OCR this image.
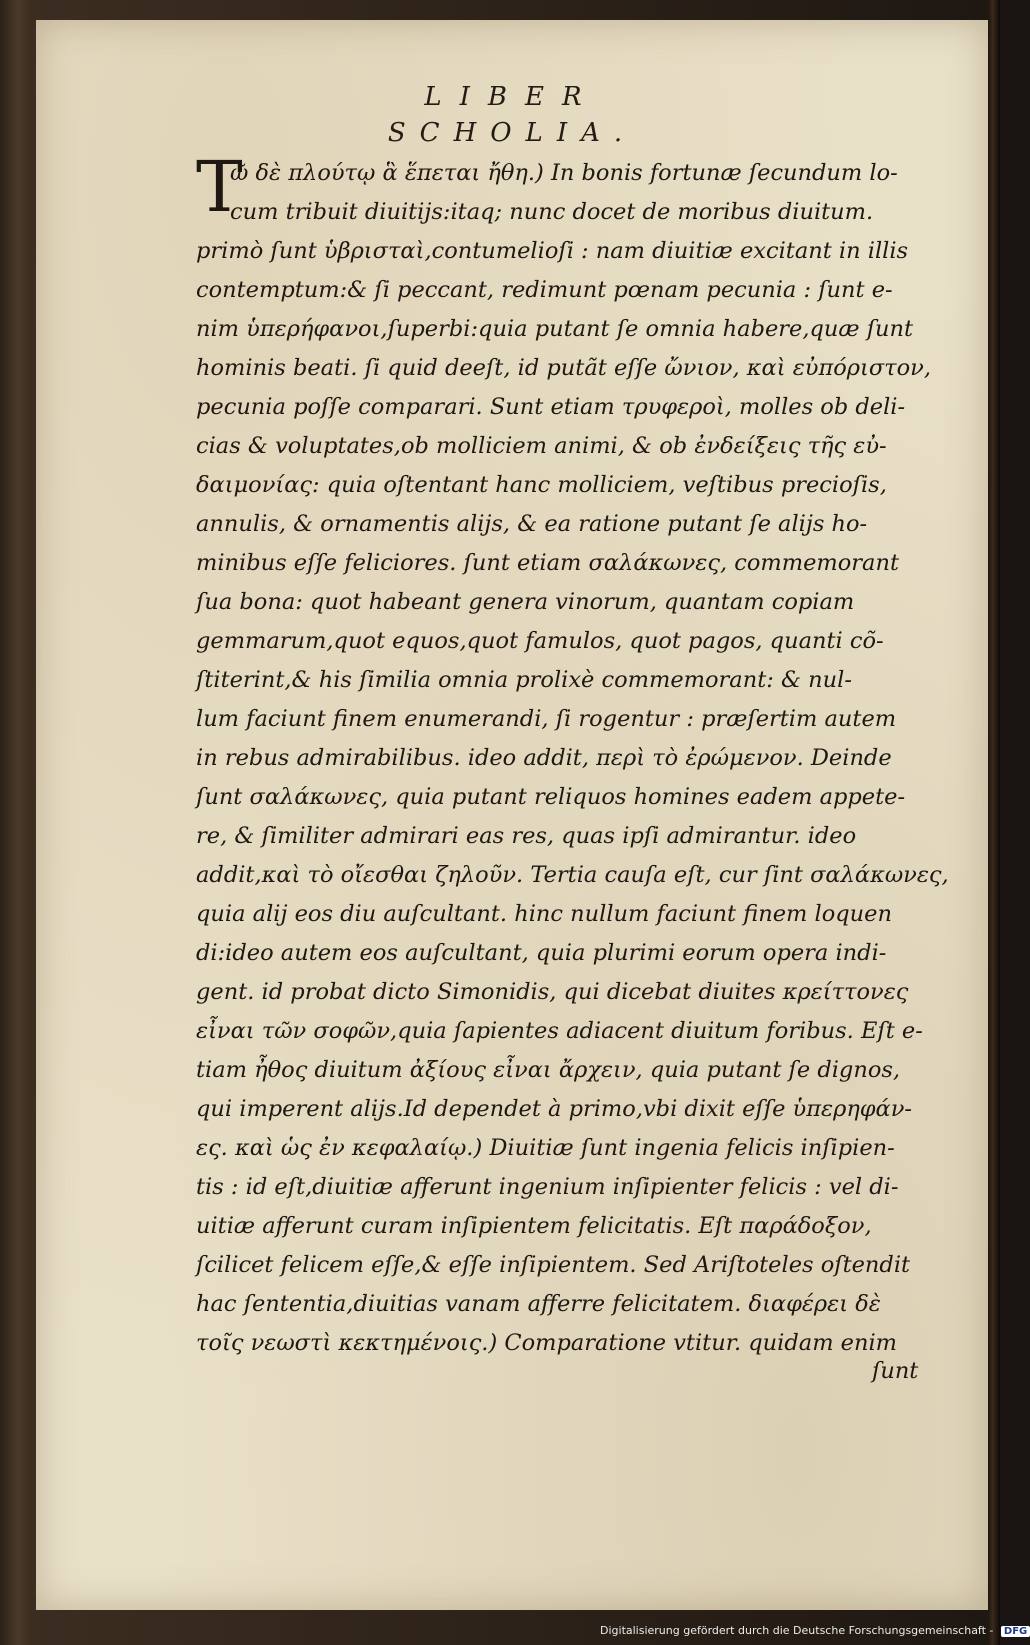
LIBER
SCHOLIA.
T
ῶ δὲ πλούτῳ ἃ ἕπεται ἤθη.) In bonis fortunæ ſecundum lo-
cum tribuit diuitijs:itaq; nunc docet de moribus diuitum.
primò ſunt ὑβρισταὶ,contumelioſi : nam diuitiæ excitant in illis
contemptum:& ſi peccant, redimunt pœnam pecunia : ſunt e-
nim ὑπερήφανοι,ſuperbi:quia putant ſe omnia habere,quæ ſunt
hominis beati. ſi quid deeſt, id putãt eſſe ὤνιον, καὶ εὐπόριστον,
pecunia poſſe comparari. Sunt etiam τρυφεροὶ, molles ob deli-
cias & voluptates,ob molliciem animi, & ob ἐνδείξεις τῆς εὐ-
δαιμονίας: quia oſtentant hanc molliciem, veſtibus precioſis,
annulis, & ornamentis alijs, & ea ratione putant ſe alijs ho-
minibus eſſe feliciores. ſunt etiam σαλάκωνες, commemorant
ſua bona: quot habeant genera vinorum, quantam copiam
gemmarum,quot equos,quot famulos, quot pagos, quanti cõ-
ſtiterint,& his ſimilia omnia prolixè commemorant: & nul-
lum faciunt finem enumerandi, ſi rogentur : præſertim autem
in rebus admirabilibus. ideo addit, περὶ τὸ ἐρώμενον. Deinde
ſunt σαλάκωνες, quia putant reliquos homines eadem appete-
re, & ſimiliter admirari eas res, quas ipſi admirantur. ideo
addit,καὶ τὸ οἴεσθαι ζηλοῦν. Tertia cauſa eſt, cur ſint σαλάκωνες,
quia alij eos diu auſcultant. hinc nullum faciunt finem loquen
di:ideo autem eos auſcultant, quia plurimi eorum opera indi-
gent. id probat dicto Simonidis, qui dicebat diuites κρείττονες
εἶναι τῶν σοφῶν,quia ſapientes adiacent diuitum foribus. Eſt e-
tiam ἦθος diuitum ἀξίους εἶναι ἄρχειν, quia putant ſe dignos,
qui imperent alijs.Id dependet à primo,vbi dixit eſſe ὑπερηφάν-
ες. καὶ ὡς ἐν κεφαλαίῳ.) Diuitiæ ſunt ingenia felicis inſipien-
tis : id eſt,diuitiæ afferunt ingenium inſipienter felicis : vel di-
uitiæ afferunt curam inſipientem felicitatis. Eſt παράδοξον,
ſcilicet felicem eſſe,& eſſe inſipientem. Sed Ariſtoteles oſtendit
hac ſententia,diuitias vanam afferre felicitatem. διαφέρει δὲ
τοῖς νεωστὶ κεκτημένοις.) Comparatione vtitur. quidam enim
ſunt
Digitalisierung gefördert durch die Deutsche Forschungsgemeinschaft - DFG
